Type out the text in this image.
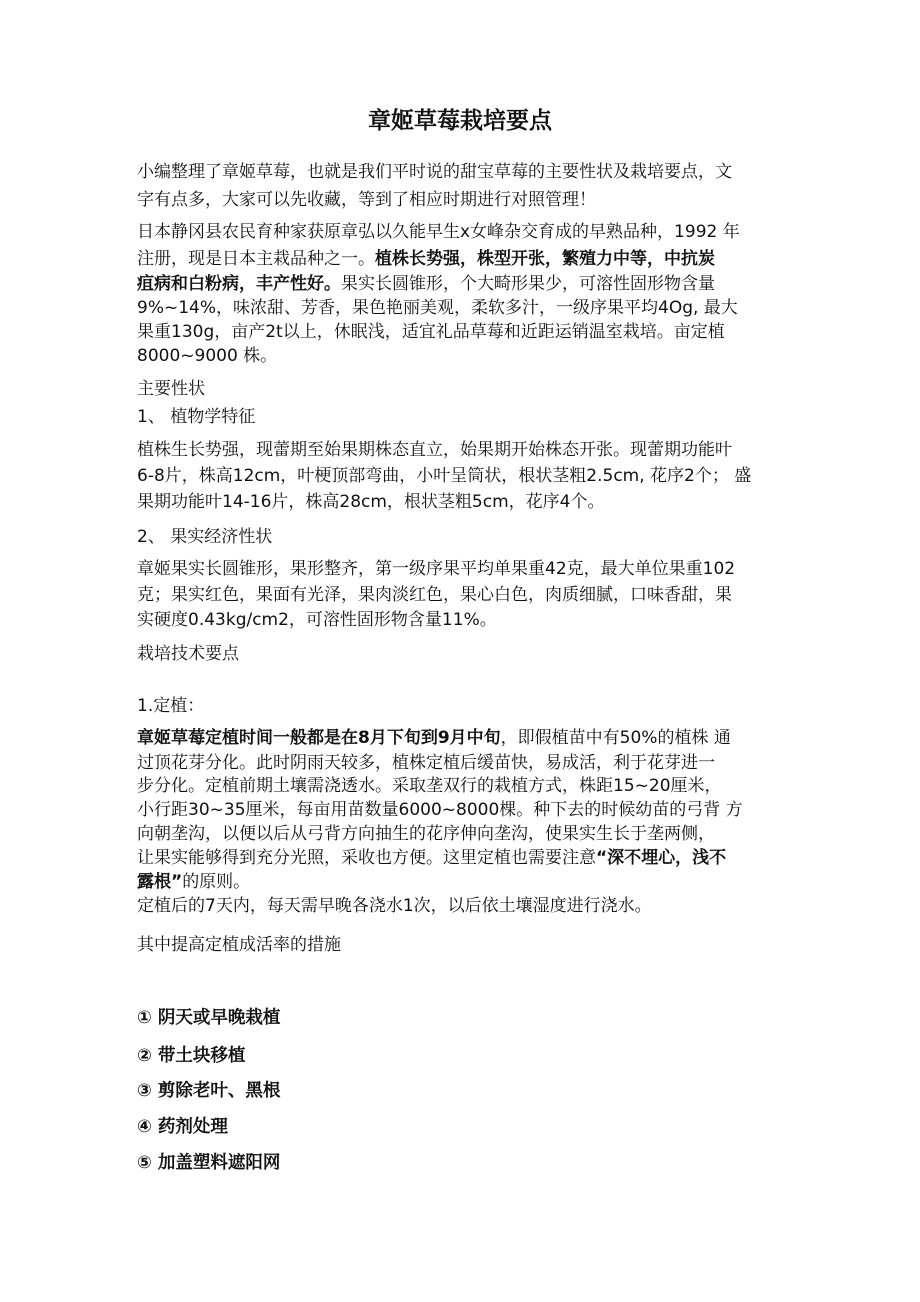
章姬草莓栽培要点
小编整理了章姬草莓，也就是我们平时说的甜宝草莓的主要性状及栽培要点，文
字有点多，大家可以先收藏，等到了相应时期进行对照管理！
日本静冈县农民育种家获原章弘以久能早生x女峰杂交育成的早熟品种，1992 年
注册，现是日本主栽品种之一。植株长势强，株型开张，繁殖力中等，中抗炭
疽病和白粉病，丰产性好。果实长圆锥形，个大畸形果少，可溶性固形物含量
9%~14%，味浓甜、芳香，果色艳丽美观，柔软多汁，一级序果平均4Og, 最大
果重130g，亩产2t以上，休眠浅，适宜礼品草莓和近距运销温室栽培。亩定植
8000~9000 株。
主要性状
1、 植物学特征
植株生长势强，现蕾期至始果期株态直立，始果期开始株态开张。现蕾期功能叶
6-8片，株高12cm，叶梗顶部弯曲，小叶呈筒状，根状茎粗2.5cm, 花序2个； 盛
果期功能叶14-16片，株高28cm，根状茎粗5cm，花序4个。
2、 果实经济性状
章姬果实长圆锥形，果形整齐，第一级序果平均单果重42克，最大单位果重102
克；果实红色，果面有光泽，果肉淡红色，果心白色，肉质细腻，口味香甜，果
实硬度0.43kg/cm2，可溶性固形物含量11%。
栽培技术要点
1.定植：
章姬草莓定植时间一般都是在8月下旬到9月中旬，即假植苗中有50%的植株 通
过顶花芽分化。此时阴雨天较多，植株定植后缓苗快，易成活，利于花芽进一
步分化。定植前期土壤需浇透水。采取垄双行的栽植方式，株距15~20厘米，
小行距30~35厘米，每亩用苗数量6000~8000棵。种下去的时候幼苗的弓背 方
向朝垄沟，以便以后从弓背方向抽生的花序伸向垄沟，使果实生长于垄两侧，
让果实能够得到充分光照，采收也方便。这里定植也需要注意“深不埋心，浅不
露根”的原则。
定植后的7天内，每天需早晚各浇水1次，以后依土壤湿度进行浇水。
其中提高定植成活率的措施
① 阴天或早晚栽植
② 带土块移植
③ 剪除老叶、黑根
④ 药剂处理
⑤ 加盖塑料遮阳网
